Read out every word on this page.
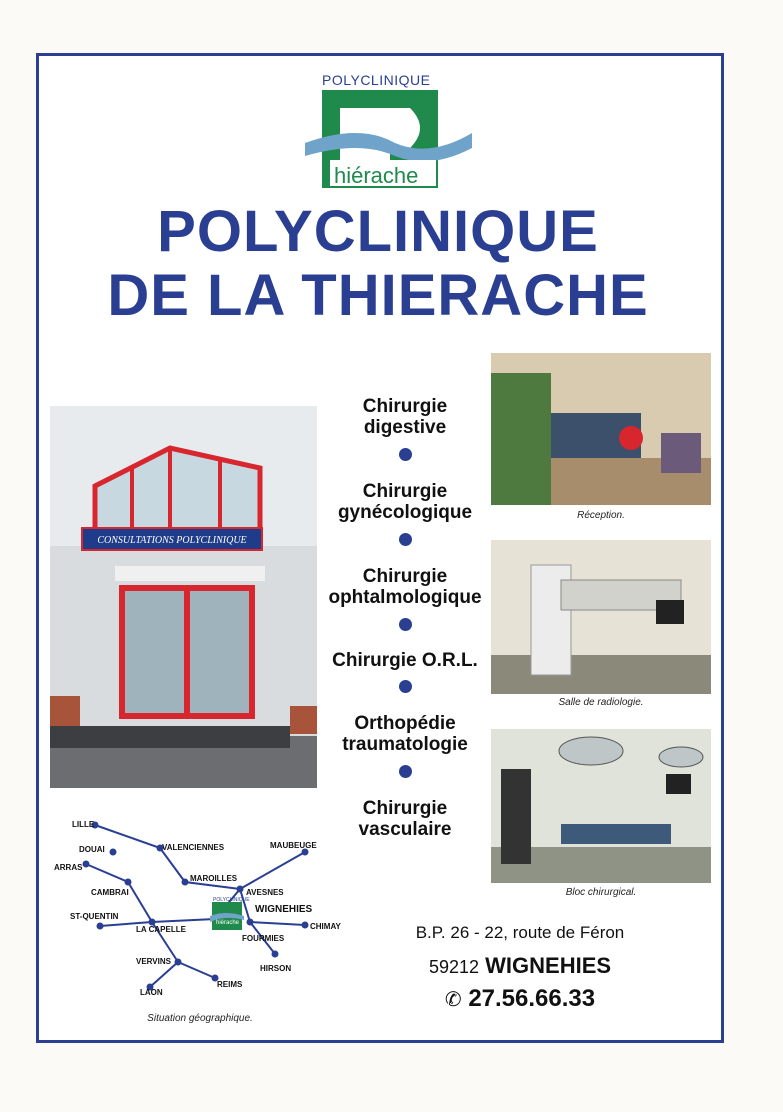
POLYCLINIQUE
hiérache
POLYCLINIQUE
DE LA THIERACHE
CONSULTATIONS POLYCLINIQUE
Chirurgie
digestive
Chirurgie
gynécologique
Chirurgie
ophtalmologique
Chirurgie O.R.L.
Orthopédie
traumatologie
Chirurgie
vasculaire
Réception.
Salle de radiologie.
Bloc chirurgical.
LILLE
DOUAI	VALENCIENNES	MAUBEUGE
ARRAS
MAROILLES
AVESNES
CAMBRAI
WIGNEHIES
ST-QUENTIN
LA CAPELLE
FOURMIES
CHIMAY
VERVINS
HIRSON
REIMS
LAON
POLYCLINIQUE
hiérache
Situation géographique.
B.P. 26 - 22, route de Féron
59212 WIGNEHIES
✆ 27.56.66.33
